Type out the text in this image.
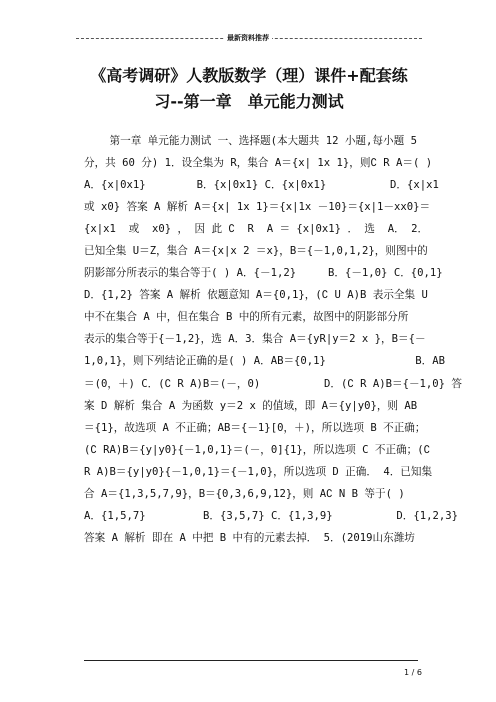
最新资料推荐
《高考调研》人教版数学（理）课件+配套练习--第一章　单元能力测试
第一章 单元能力测试 一、选择题(本大题共 12 小题,每小题 5
分，共 60 分) 1．设全集为 R，集合 A＝{x| 1x 1}，则∁ R A＝( )
A．{x|0x1}        B．{x|0x1} C．{x|0x1}          D．{x|x1
或 x0} 答案 A 解析 A＝{x| 1x 1}＝{x|1x －10}＝{x|1－xx0}＝
{x|x1  或  x0} ， 因 此 ∁  R  A ＝ {x|0x1} ． 选  A． 2．
已知全集 U＝Z，集合 A＝{x|x 2 ＝x}，B＝{－1,0,1,2}，则图中的
阴影部分所表示的集合等于( ) A．{－1,2}     B．{－1,0} C．{0,1}
D．{1,2} 答案 A 解析 依题意知 A＝{0,1}，(∁ U A)B 表示全集 U
中不在集合 A 中，但在集合 B 中的所有元素，故图中的阴影部分所
表示的集合等于{－1,2}，选 A．3．集合 A＝{yR|y＝2 x }，B＝{－
1,0,1}，则下列结论正确的是( ) A．AB＝{0,1}              B．AB
＝(0，＋) C．(∁ R A)B＝(－，0)          D．(∁ R A)B＝{－1,0} 答
案 D 解析 集合 A 为函数 y＝2 x 的值域，即 A＝{y|y0}，则 AB
＝{1}，故选项 A 不正确；AB＝{－1}[0，＋)，所以选项 B 不正确；
(∁ RA)B＝{y|y0}{－1,0,1}＝(－，0]{1}，所以选项 C 不正确；(∁
R A)B＝{y|y0}{－1,0,1}＝{－1,0}，所以选项 D 正确． 4．已知集
合 A＝{1,3,5,7,9}，B＝{0,3,6,9,12}，则 A∁ N B 等于( )
A．{1,5,7}         B．{3,5,7} C．{1,3,9}          D．{1,2,3}
答案 A 解析 即在 A 中把 B 中有的元素去掉． 5．(2019山东潍坊
1 / 6
